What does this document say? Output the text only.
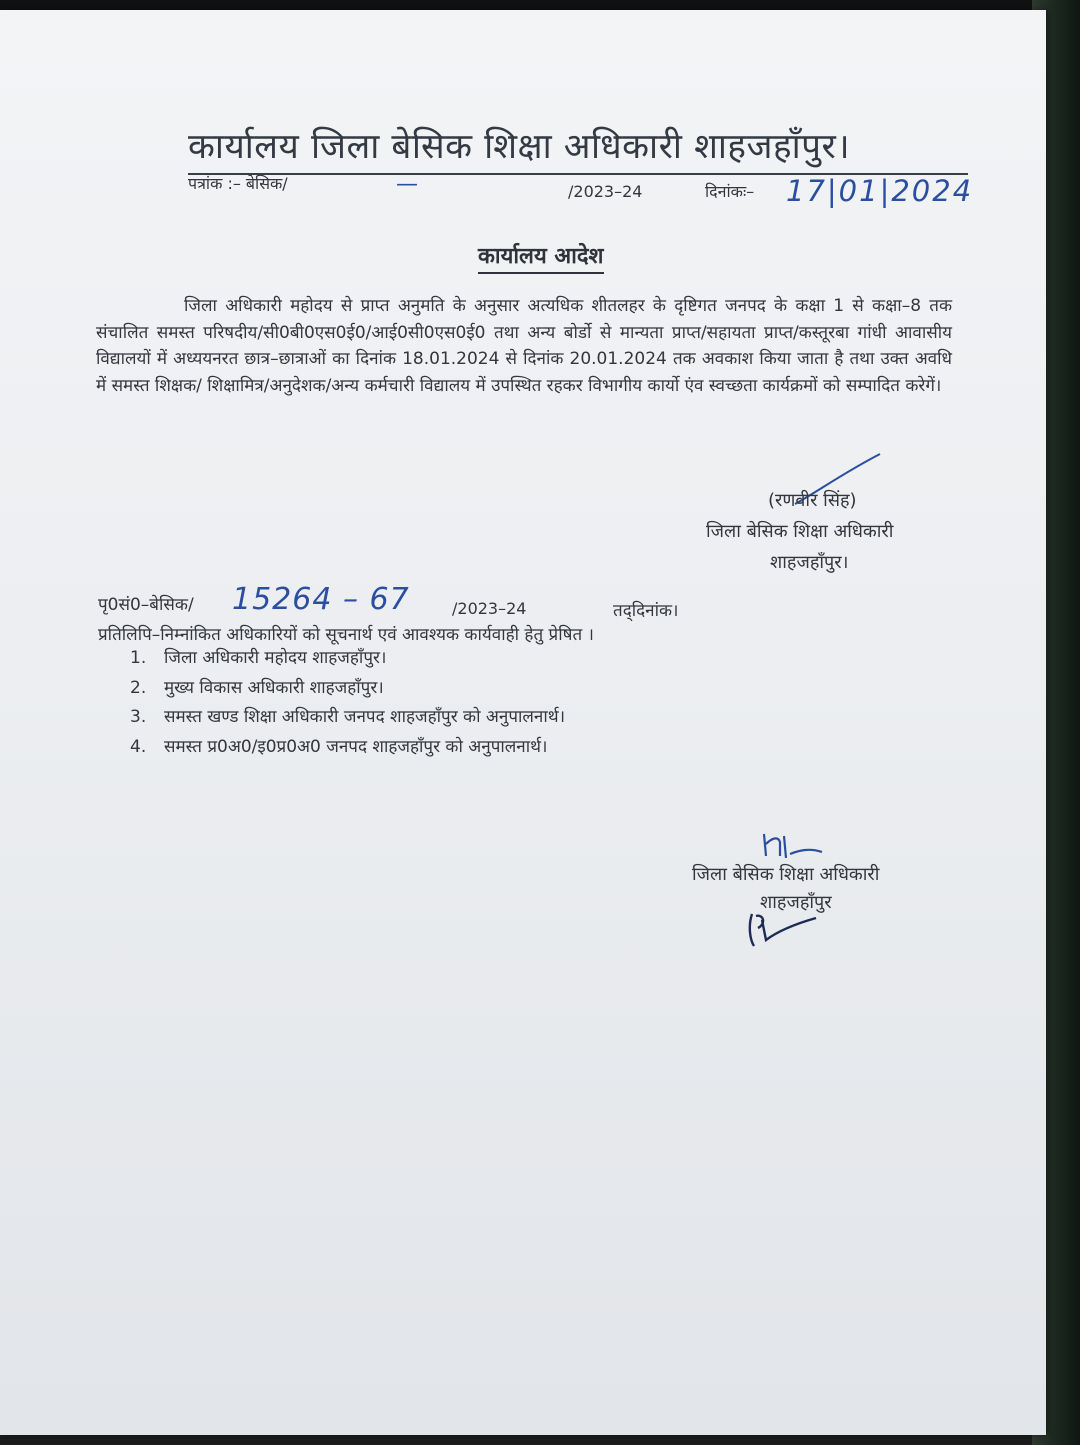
कार्यालय जिला बेसिक शिक्षा अधिकारी शाहजहाँपुर।
पत्रांक :– बेसिक/	—	/2023–24	दिनांकः– 17|01|2024
कार्यालय आदेश
जिला अधिकारी महोदय से प्राप्त अनुमति के अनुसार अत्यधिक शीतलहर के दृष्टिगत जनपद के कक्षा 1 से कक्षा–8 तक संचालित समस्त परिषदीय/सी0बी0एस0ई0/आई0सी0एस0ई0 तथा अन्य बोर्डो से मान्यता प्राप्त/सहायता प्राप्त/कस्तूरबा गांधी आवासीय विद्यालयों में अध्ययनरत छात्र–छात्राओं का दिनांक 18.01.2024 से दिनांक 20.01.2024 तक अवकाश किया जाता है तथा उक्त अवधि में समस्त शिक्षक/ शिक्षामित्र/अनुदेशक/अन्य कर्मचारी विद्यालय में उपस्थित रहकर विभागीय कार्यो एंव स्वच्छता कार्यक्रमों को सम्पादित करेगें।
(रणवीर सिंह)
जिला बेसिक शिक्षा अधिकारी
शाहजहाँपुर।
पृ0सं0–बेसिक/ 15264 – 67	/2023–24	तद्‌दिनांक।
प्रतिलिपि–निम्नांकित अधिकारियों को सूचनार्थ एवं आवश्यक कार्यवाही हेतु प्रेषित ।
1. जिला अधिकारी महोदय शाहजहाँपुर।
2. मुख्य विकास अधिकारी शाहजहाँपुर।
3. समस्त खण्ड शिक्षा अधिकारी जनपद शाहजहाँपुर को अनुपालनार्थ।
4. समस्त प्र0अ0/इ0प्र0अ0 जनपद शाहजहाँपुर को अनुपालनार्थ।
जिला बेसिक शिक्षा अधिकारी
शाहजहाँपुर
